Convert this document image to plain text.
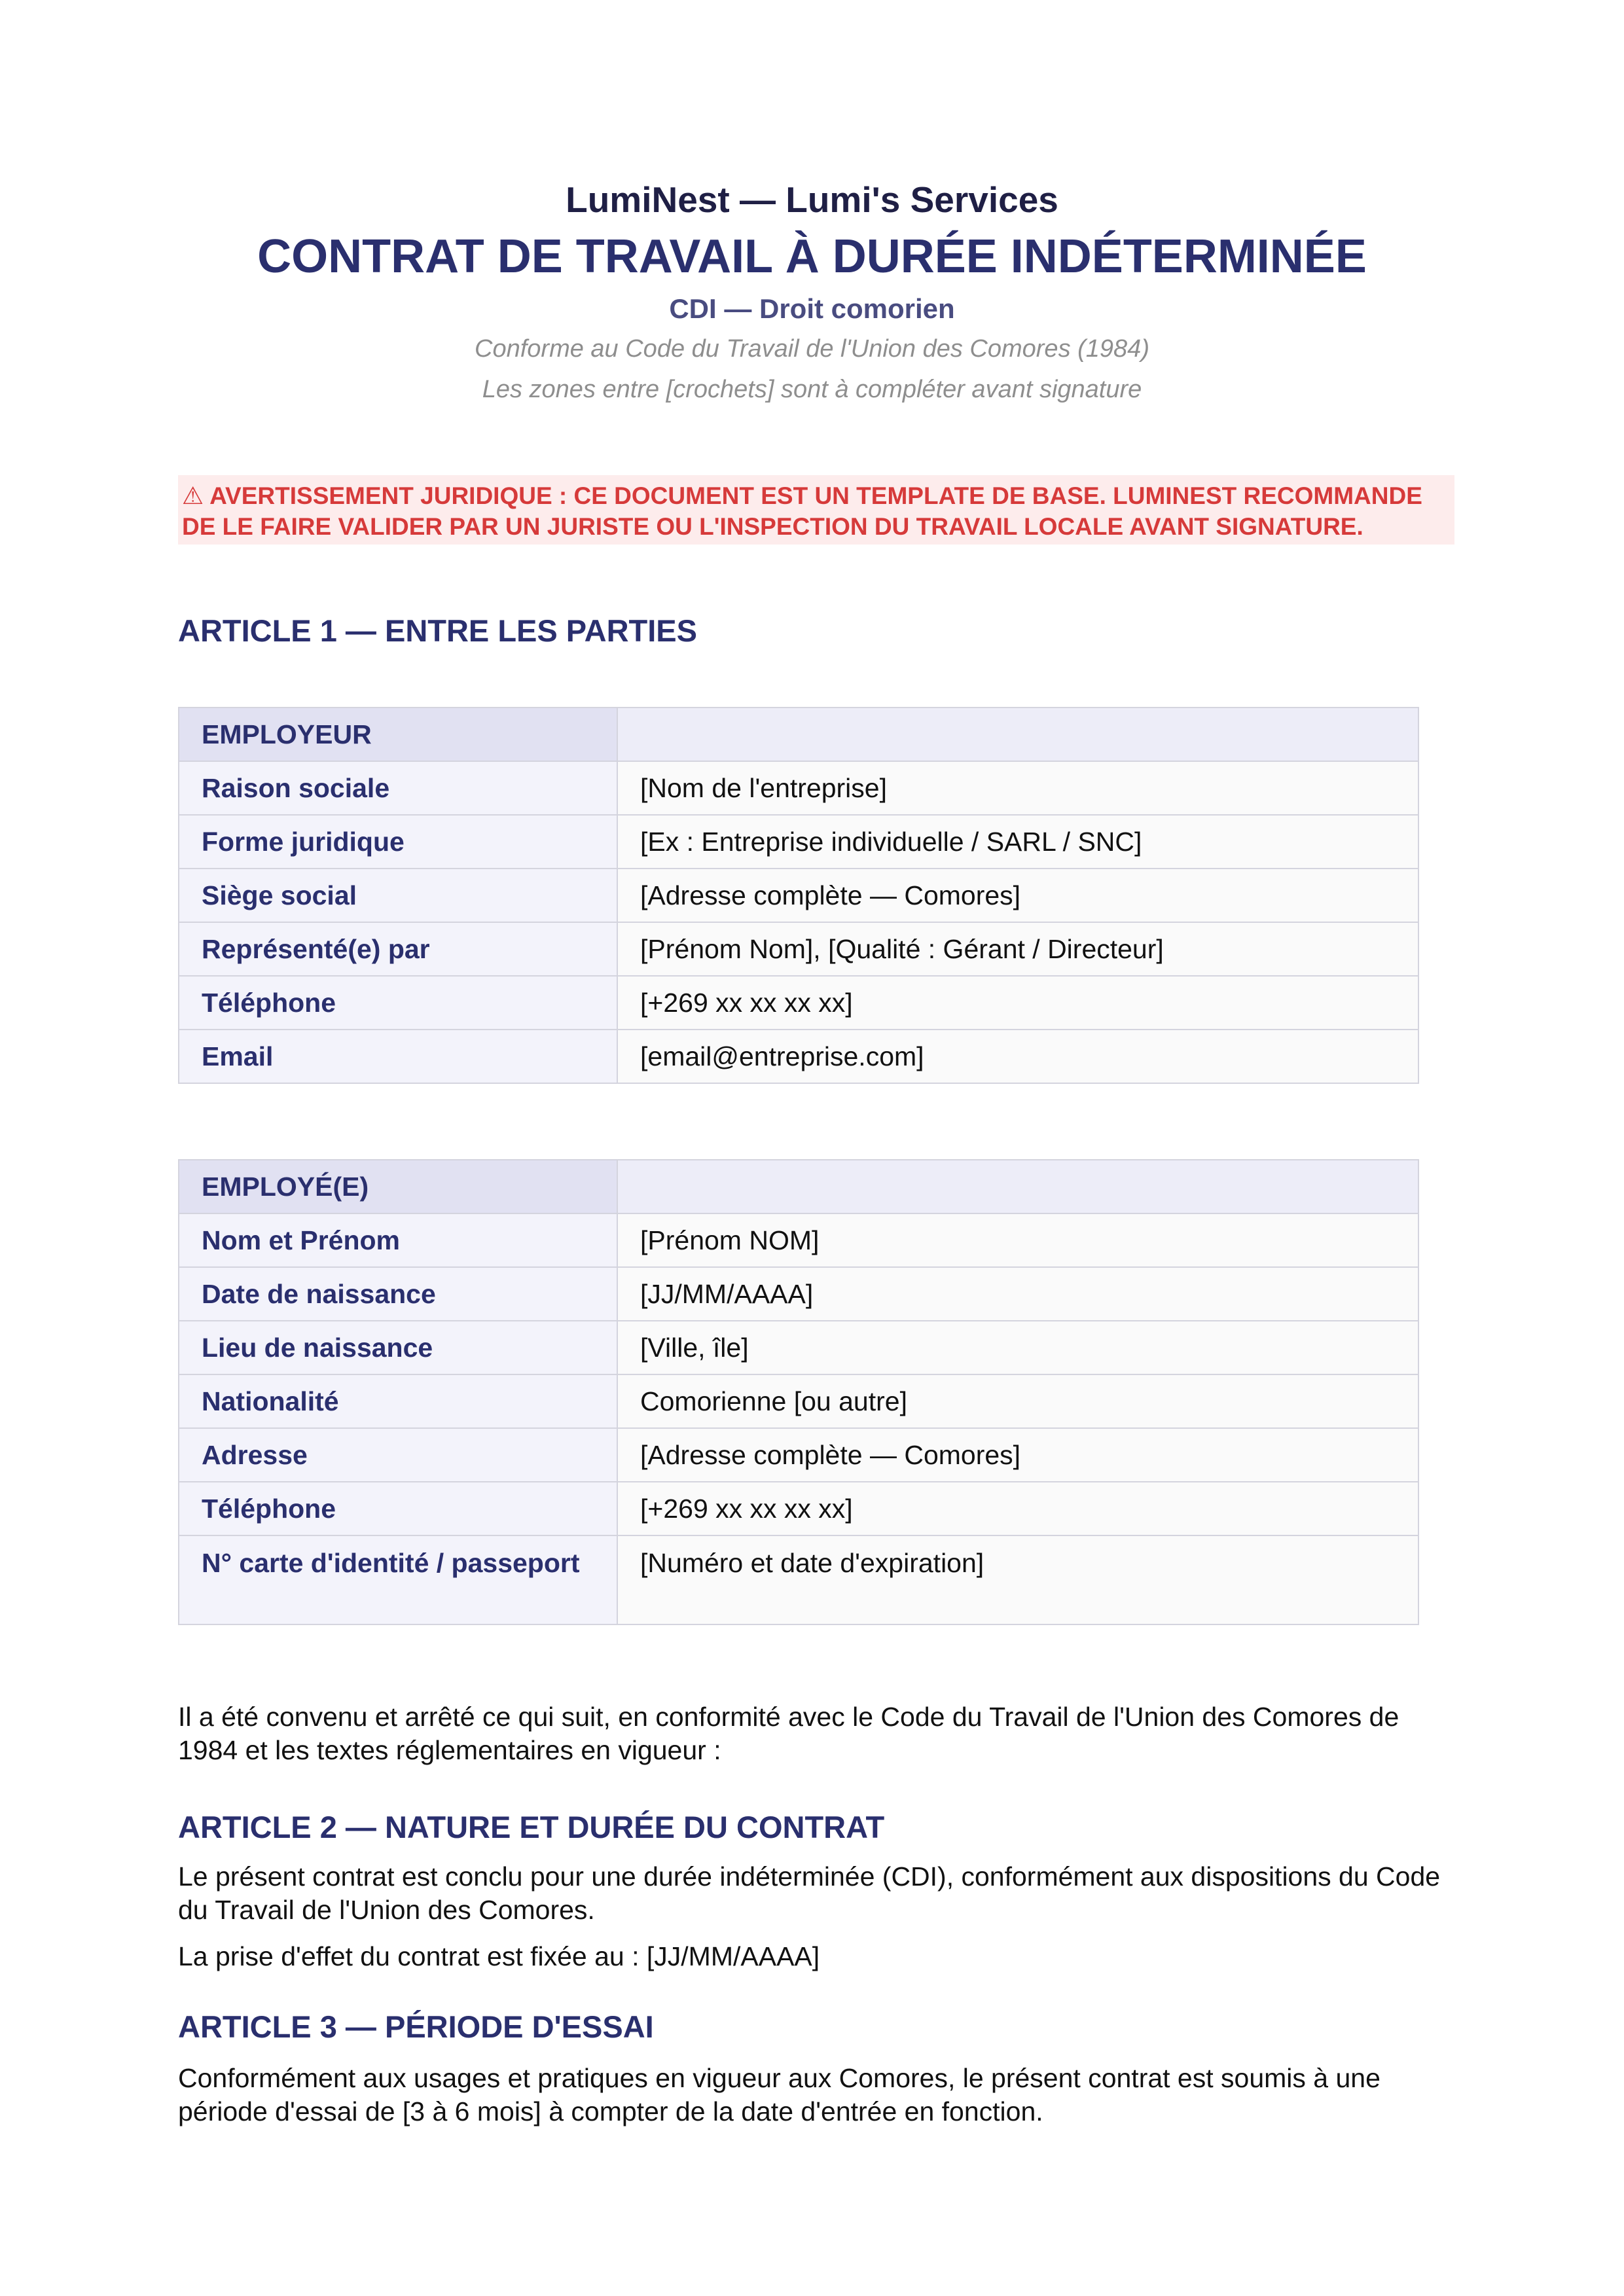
LumiNest — Lumi's Services
CONTRAT DE TRAVAIL À DURÉE INDÉTERMINÉE
CDI — Droit comorien
Conforme au Code du Travail de l'Union des Comores (1984)
Les zones entre [crochets] sont à compléter avant signature
⚠ AVERTISSEMENT JURIDIQUE : CE DOCUMENT EST UN TEMPLATE DE BASE. LUMINEST RECOMMANDE DE LE FAIRE VALIDER PAR UN JURISTE OU L'INSPECTION DU TRAVAIL LOCALE AVANT SIGNATURE.
ARTICLE 1 — ENTRE LES PARTIES
EMPLOYEUR	
Raison sociale	[Nom de l'entreprise]
Forme juridique	[Ex : Entreprise individuelle / SARL / SNC]
Siège social	[Adresse complète — Comores]
Représenté(e) par	[Prénom Nom], [Qualité : Gérant / Directeur]
Téléphone	[+269 xx xx xx xx]
Email	[email@entreprise.com]
EMPLOYÉ(E)	
Nom et Prénom	[Prénom NOM]
Date de naissance	[JJ/MM/AAAA]
Lieu de naissance	[Ville, île]
Nationalité	Comorienne [ou autre]
Adresse	[Adresse complète — Comores]
Téléphone	[+269 xx xx xx xx]
N° carte d'identité / passeport	[Numéro et date d'expiration]
Il a été convenu et arrêté ce qui suit, en conformité avec le Code du Travail de l'Union des Comores de 1984 et les textes réglementaires en vigueur :
ARTICLE 2 — NATURE ET DURÉE DU CONTRAT
Le présent contrat est conclu pour une durée indéterminée (CDI), conformément aux dispositions du Code du Travail de l'Union des Comores.
La prise d'effet du contrat est fixée au : [JJ/MM/AAAA]
ARTICLE 3 — PÉRIODE D'ESSAI
Conformément aux usages et pratiques en vigueur aux Comores, le présent contrat est soumis à une période d'essai de [3 à 6 mois] à compter de la date d'entrée en fonction.
